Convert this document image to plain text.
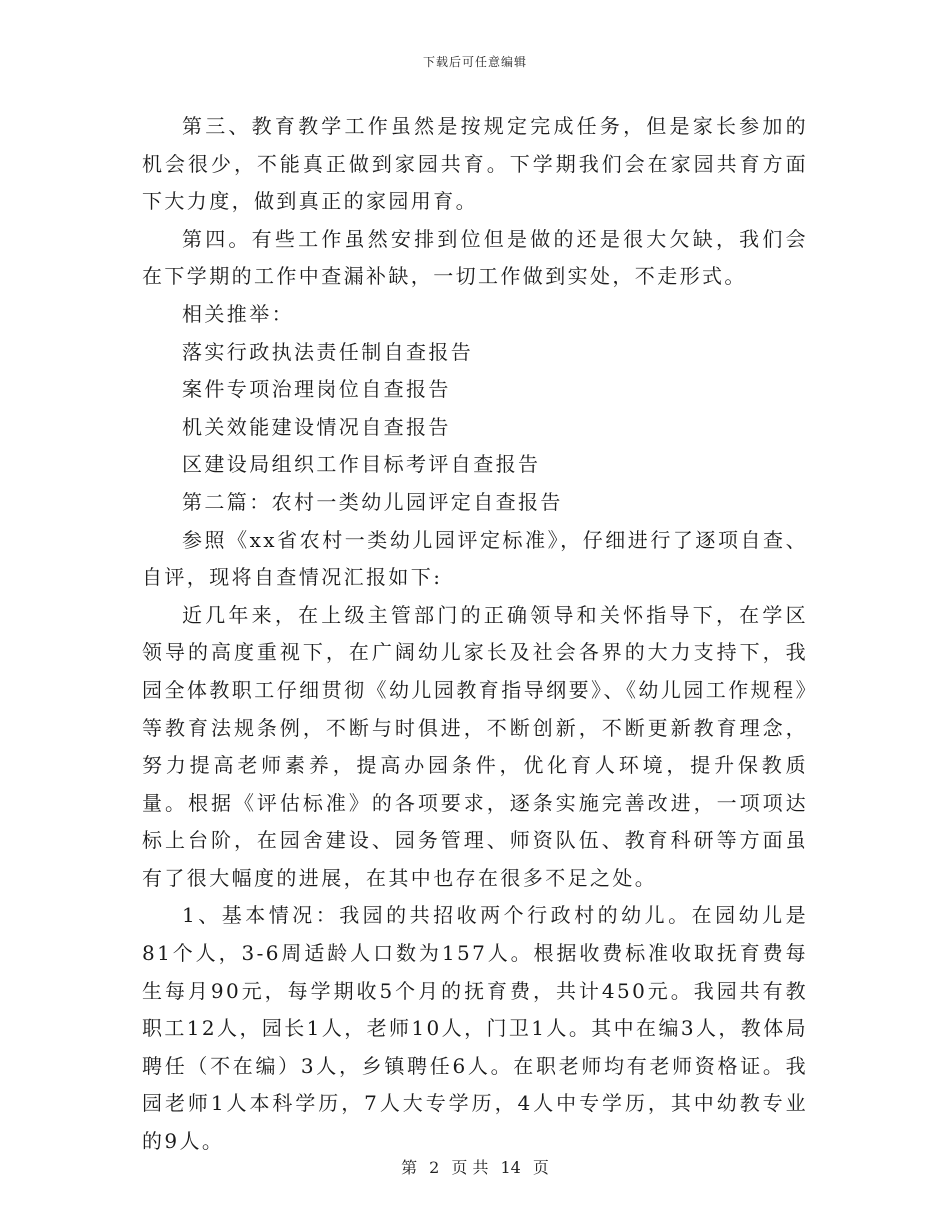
下载后可任意编辑

第三、教育教学工作虽然是按规定完成任务，但是家长参加的机会很少，不能真正做到家园共育。下学期我们会在家园共育方面下大力度，做到真正的家园用育。

第四。有些工作虽然安排到位但是做的还是很大欠缺，我们会在下学期的工作中查漏补缺，一切工作做到实处，不走形式。

相关推举：

落实行政执法责任制自查报告

案件专项治理岗位自查报告

机关效能建设情况自查报告

区建设局组织工作目标考评自查报告

第二篇：农村一类幼儿园评定自查报告

参照《xx省农村一类幼儿园评定标准》，仔细进行了逐项自查、自评，现将自查情况汇报如下:

近几年来，在上级主管部门的正确领导和关怀指导下，在学区领导的高度重视下，在广阔幼儿家长及社会各界的大力支持下，我园全体教职工仔细贯彻《幼儿园教育指导纲要》、《幼儿园工作规程》等教育法规条例，不断与时俱进，不断创新，不断更新教育理念，努力提高老师素养，提高办园条件，优化育人环境，提升保教质量。根据《评估标准》的各项要求，逐条实施完善改进，一项项达标上台阶，在园舍建设、园务管理、师资队伍、教育科研等方面虽有了很大幅度的进展，在其中也存在很多不足之处。

1、基本情况：我园的共招收两个行政村的幼儿。在园幼儿是81个人，3-6周适龄人口数为157人。根据收费标准收取抚育费每生每月90元，每学期收5个月的抚育费，共计450元。我园共有教职工12人，园长1人，老师10人，门卫1人。其中在编3人，教体局聘任（不在编）3人，乡镇聘任6人。在职老师均有老师资格证。我园老师1人本科学历，7人大专学历，4人中专学历，其中幼教专业的9人。

第 2 页 共 14 页
